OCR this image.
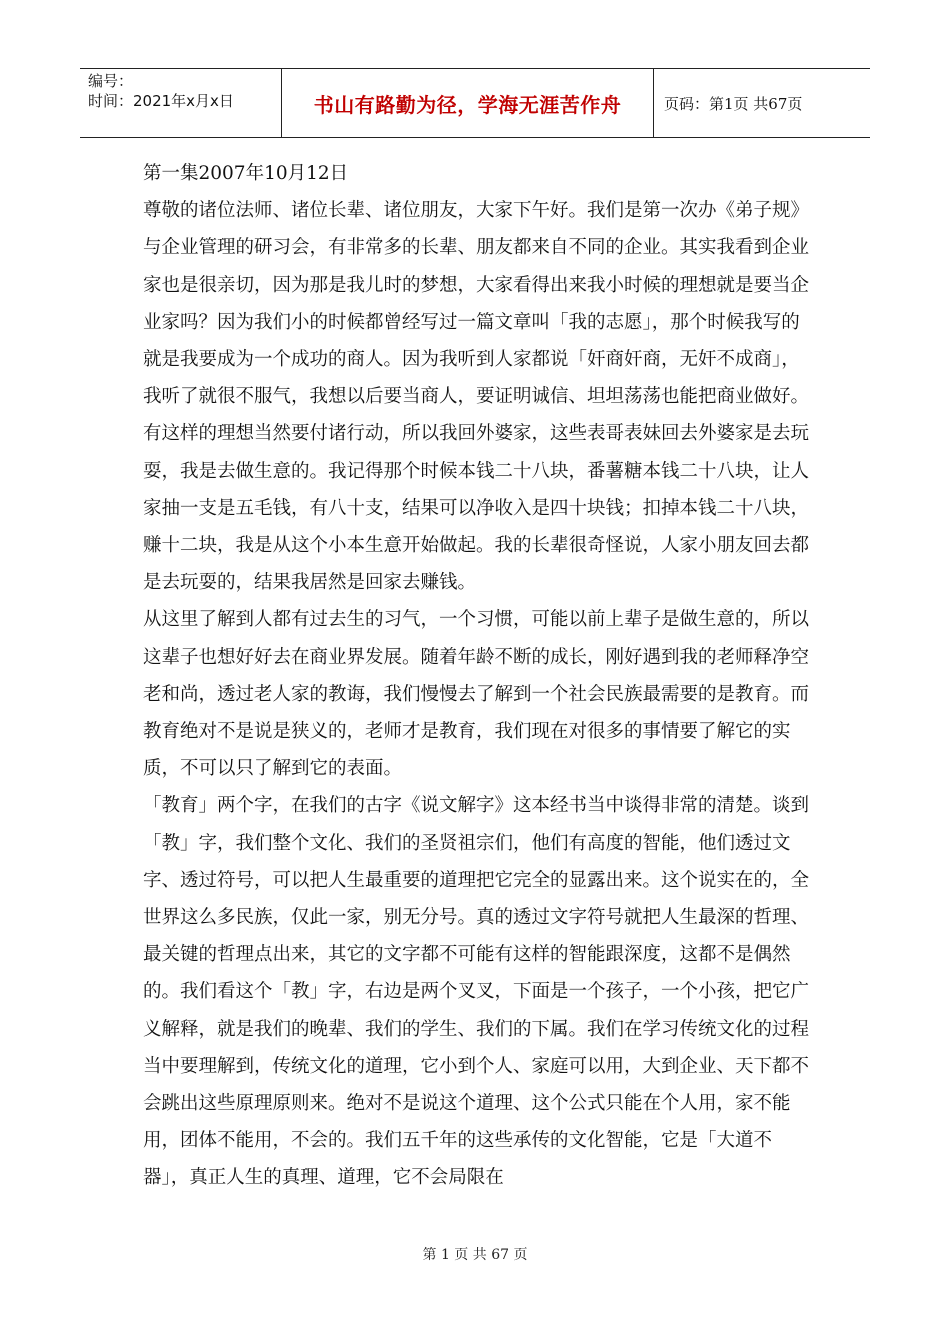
编号：
时间：2021年x月x日	书山有路勤为径，学海无涯苦作舟	页码：第1页 共67页

第一集2007年10月12日

尊敬的诸位法师、诸位长辈、诸位朋友，大家下午好。我们是第一次办《弟子规》与企业管理的研习会，有非常多的长辈、朋友都来自不同的企业。其实我看到企业家也是很亲切，因为那是我儿时的梦想，大家看得出来我小时候的理想就是要当企业家吗？因为我们小的时候都曾经写过一篇文章叫「我的志愿」，那个时候我写的就是我要成为一个成功的商人。因为我听到人家都说「奸商奸商，无奸不成商」，我听了就很不服气，我想以后要当商人，要证明诚信、坦坦荡荡也能把商业做好。有这样的理想当然要付诸行动，所以我回外婆家，这些表哥表妹回去外婆家是去玩耍，我是去做生意的。我记得那个时候本钱二十八块，番薯糖本钱二十八块，让人家抽一支是五毛钱，有八十支，结果可以净收入是四十块钱；扣掉本钱二十八块，赚十二块，我是从这个小本生意开始做起。我的长辈很奇怪说，人家小朋友回去都是去玩耍的，结果我居然是回家去赚钱。

从这里了解到人都有过去生的习气，一个习惯，可能以前上辈子是做生意的，所以这辈子也想好好去在商业界发展。随着年龄不断的成长，刚好遇到我的老师释净空老和尚，透过老人家的教诲，我们慢慢去了解到一个社会民族最需要的是教育。而教育绝对不是说是狭义的，老师才是教育，我们现在对很多的事情要了解它的实质，不可以只了解到它的表面。

「教育」两个字，在我们的古字《说文解字》这本经书当中谈得非常的清楚。谈到「教」字，我们整个文化、我们的圣贤祖宗们，他们有高度的智能，他们透过文字、透过符号，可以把人生最重要的道理把它完全的显露出来。这个说实在的，全世界这么多民族，仅此一家，别无分号。真的透过文字符号就把人生最深的哲理、最关键的哲理点出来，其它的文字都不可能有这样的智能跟深度，这都不是偶然的。我们看这个「教」字，右边是两个叉叉，下面是一个孩子，一个小孩，把它广义解释，就是我们的晚辈、我们的学生、我们的下属。我们在学习传统文化的过程当中要理解到，传统文化的道理，它小到个人、家庭可以用，大到企业、天下都不会跳出这些原理原则来。绝对不是说这个道理、这个公式只能在个人用，家不能用，团体不能用，不会的。我们五千年的这些承传的文化智能，它是「大道不器」，真正人生的真理、道理，它不会局限在

第 1 页 共 67 页
